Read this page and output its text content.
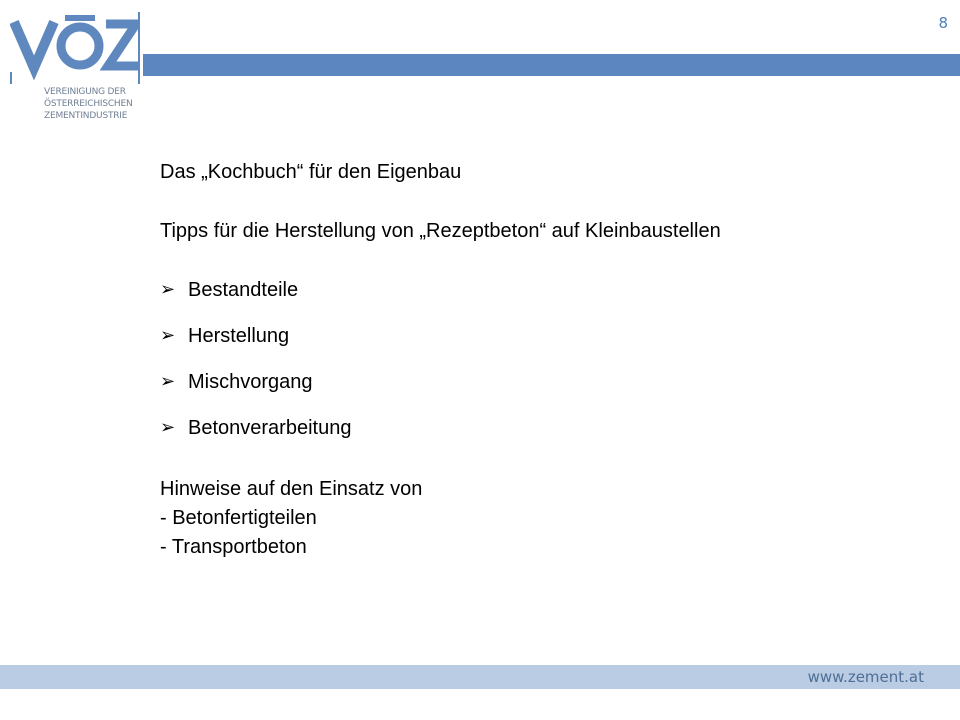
8
VEREINIGUNG DER
ÖSTERREICHISCHEN
ZEMENTINDUSTRIE
Das „Kochbuch“ für den Eigenbau
Tipps für die Herstellung von „Rezeptbeton“ auf Kleinbaustellen
➢ Bestandteile
➢ Herstellung
➢ Mischvorgang
➢ Betonverarbeitung
Hinweise auf den Einsatz von
- Betonfertigteilen
- Transportbeton
www.zement.at
